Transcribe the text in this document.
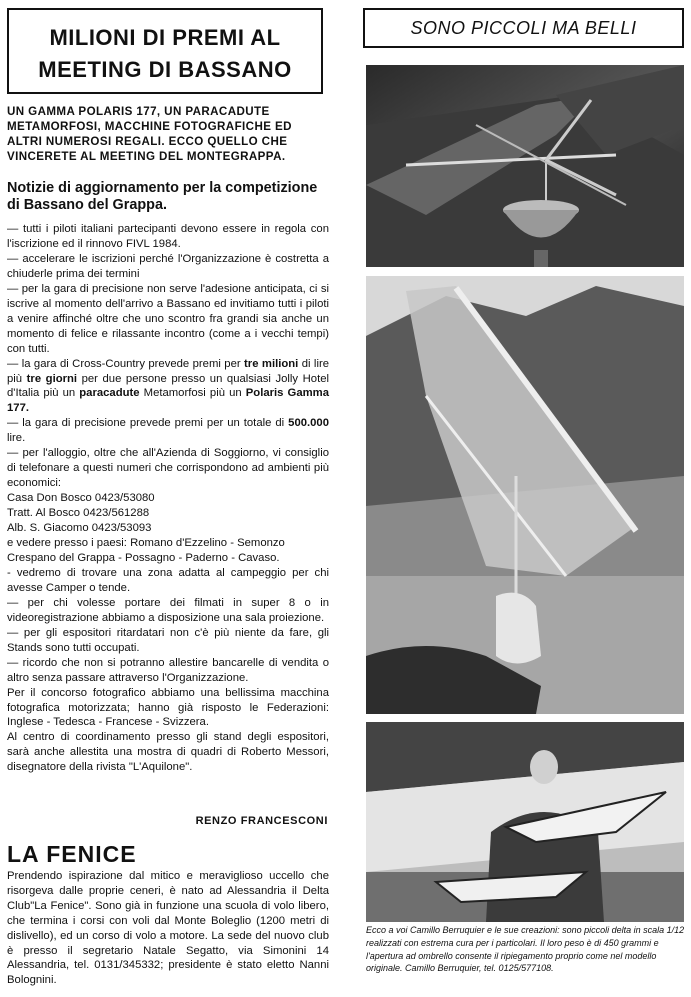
MILIONI DI PREMI AL
MEETING DI BASSANO

UN GAMMA POLARIS 177, UN PARACADUTE METAMORFOSI, MACCHINE FOTOGRAFICHE ED ALTRI NUMEROSI REGALI. ECCO QUELLO CHE VINCERETE AL MEETING DEL MONTEGRAPPA.

Notizie di aggiornamento per la competizione di Bassano del Grappa.

— tutti i piloti italiani partecipanti devono essere in regola con l'iscrizione ed il rinnovo FIVL 1984.

— accelerare le iscrizioni perché l'Organizzazione è costretta a chiuderle prima dei termini

— per la gara di precisione non serve l'adesione anticipata, ci si iscrive al momento dell'arrivo a Bassano ed invitiamo tutti i piloti a venire affinché oltre che uno scontro fra grandi sia anche un momento di felice e rilassante incontro (come a i vecchi tempi) con tutti.

— la gara di Cross-Country prevede premi per tre milioni di lire più tre giorni per due persone presso un qualsiasi Jolly Hotel d'Italia più un paracadute Metamorfosi più un Polaris Gamma 177.

— la gara di precisione prevede premi per un totale di 500.000 lire.

— per l'alloggio, oltre che all'Azienda di Soggiorno, vi consiglio di telefonare a questi numeri che corrispondono ad ambienti più economici:

Casa Don Bosco 0423/53080

Tratt. Al Bosco 0423/561288

Alb. S. Giacomo 0423/53093

e vedere presso i paesi: Romano d'Ezzelino - Semonzo Crespano del Grappa - Possagno - Paderno - Cavaso.

- vedremo di trovare una zona adatta al campeggio per chi avesse Camper o tende.

— per chi volesse portare dei filmati in super 8 o in videoregistrazione abbiamo a disposizione una sala proiezione.

— per gli espositori ritardatari non c'è più niente da fare, gli Stands sono tutti occupati.

— ricordo che non si potranno allestire bancarelle di vendita o altro senza passare attraverso l'Organizzazione.

Per il concorso fotografico abbiamo una bellissima macchina fotografica motorizzata; hanno già risposto le Federazioni: Inglese - Tedesca - Francese - Svizzera.

Al centro di coordinamento presso gli stand degli espositori, sarà anche allestita una mostra di quadri di Roberto Messori, disegnatore della rivista "L'Aquilone".

RENZO FRANCESCONI
LA FENICE

Prendendo ispirazione dal mitico e meraviglioso uccello che risorgeva dalle proprie ceneri, è nato ad Alessandria il Delta Club"La Fenice". Sono già in funzione una scuola di volo libero, che termina i corsi con voli dal Monte Boleglio (1200 metri di dislivello), ed un corso di volo a motore. La sede del nuovo club è presso il segretario Natale Segatto, via Simonini 14 Alessandria, tel. 0131/345332; presidente è stato eletto Nanni Bolognini.

SONO PICCOLI MA BELLI

Ecco a voi Camillo Berruquier e le sue creazioni: sono piccoli delta in scala 1/12 realizzati con estrema cura per i particolari. Il loro peso è di 450 grammi e l'apertura ad ombrello consente il ripiegamento proprio come nel modello originale. Camillo Berruquier, tel. 0125/577108.
